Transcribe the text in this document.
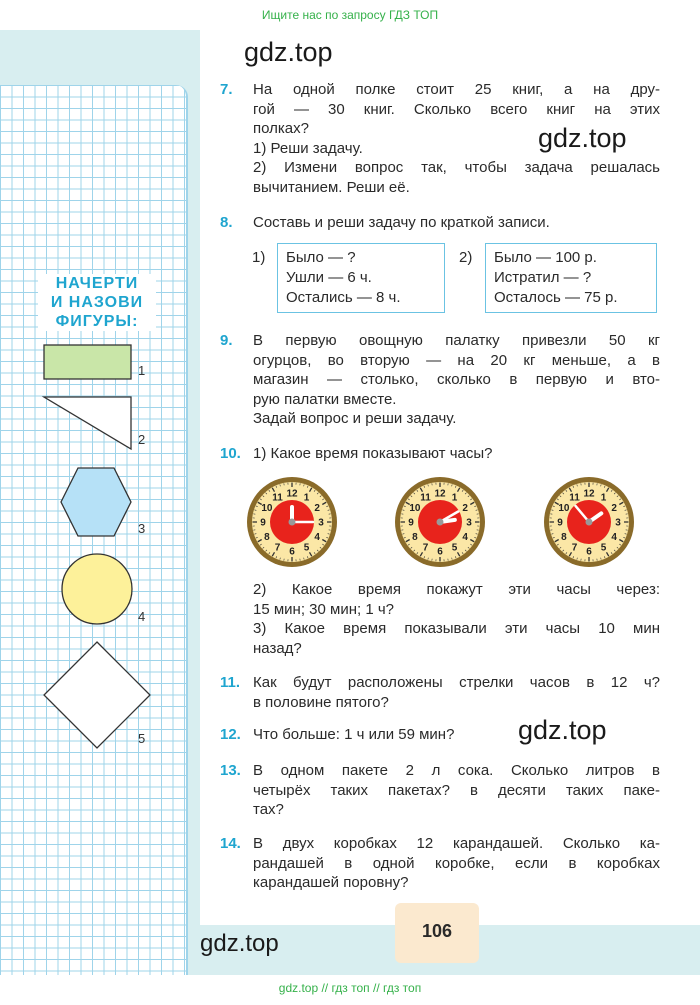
Ищите нас по запросу ГДЗ ТОП
НАЧЕРТИ
И НАЗОВИ
ФИГУРЫ:
1
2
3
4
5
gdz.top
gdz.top
gdz.top
gdz.top
7. На одной полке стоит 25 книг, а на дру-

гой — 30 книг. Сколько всего книг на этих

полках?

1) Реши задачу.

2) Измени вопрос так, чтобы задача решалась

вычитанием. Реши её.

8. Составь и реши задачу по краткой записи.

1) Было — ?
Ушли — 6 ч.
Остались — 8 ч.
2) Было — 100 р.
Истратил — ?
Осталось — 75 р.
9. В первую овощную палатку привезли 50 кг

огурцов, во вторую — на 20 кг меньше, а в

магазин — столько, сколько в первую и вто-

рую палатки вместе.

Задай вопрос и реши задачу.

10. 1) Какое время показывают часы?

12 1
2
3
4
5
6
7
8
9
10
11	12 1
2
3
4
5
6
7
8
9
10
11	12 1
2
3
4
5
6
7
8
9
10
11

2) Какое время покажут эти часы через:

15 мин; 30 мин; 1 ч?

3) Какое время показывали эти часы 10 мин

назад?

11. Как будут расположены стрелки часов в 12 ч?

в половине пятого?

12. Что больше: 1 ч или 59 мин?

13. В одном пакете 2 л сока. Сколько литров в

четырёх таких пакетах? в десяти таких паке-

тах?

14. В двух коробках 12 карандашей. Сколько ка-

рандашей в одной коробке, если в коробках

карандашей поровну?

106
gdz.top // гдз топ // гдз топ
